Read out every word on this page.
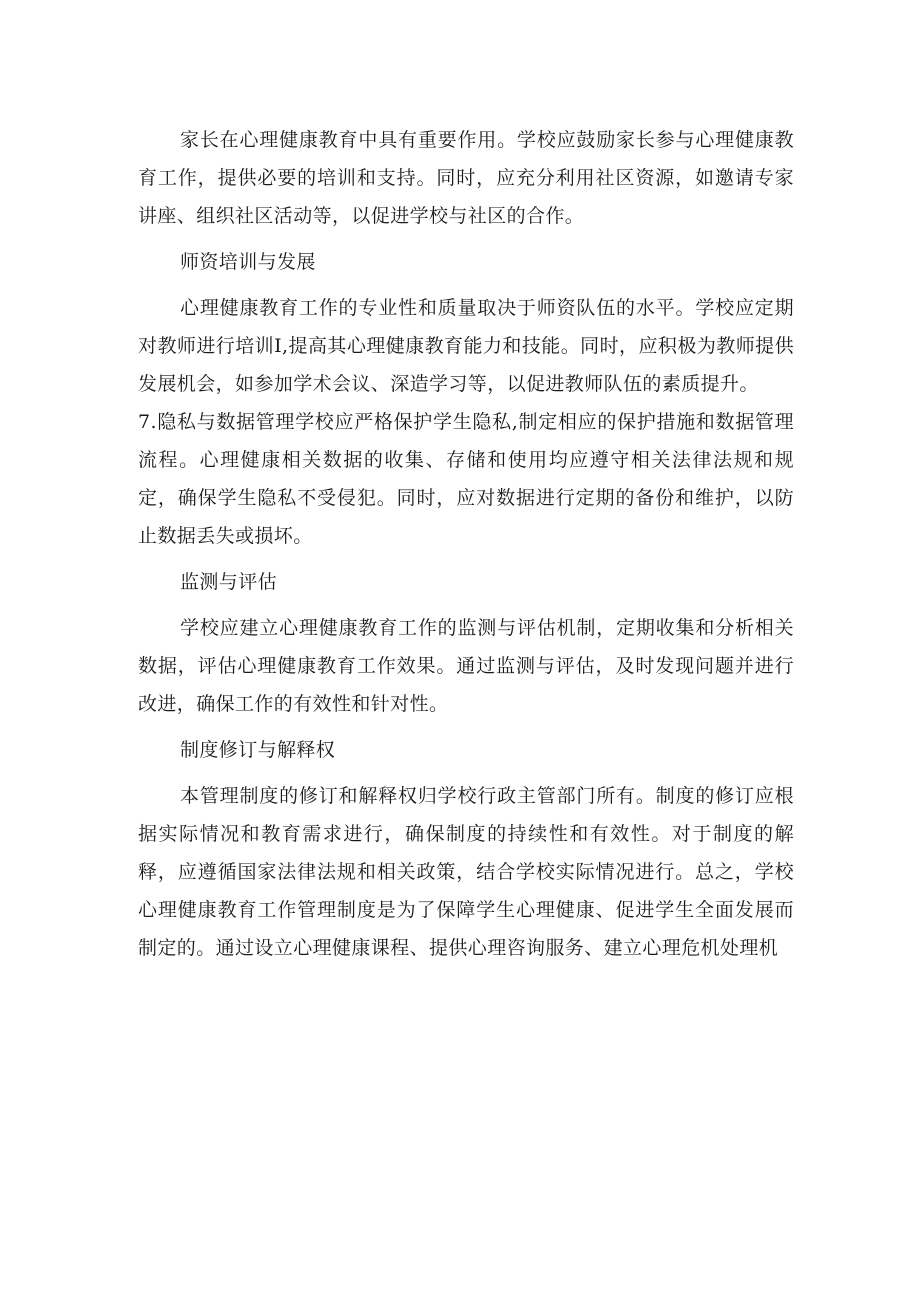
家长在心理健康教育中具有重要作用。学校应鼓励家长参与心理健康教育工作，提供必要的培训和支持。同时，应充分利用社区资源，如邀请专家讲座、组织社区活动等，以促进学校与社区的合作。

师资培训与发展

心理健康教育工作的专业性和质量取决于师资队伍的水平。学校应定期对教师进行培训I,提高其心理健康教育能力和技能。同时，应积极为教师提供发展机会，如参加学术会议、深造学习等，以促进教师队伍的素质提升。

7.隐私与数据管理学校应严格保护学生隐私,制定相应的保护措施和数据管理流程。心理健康相关数据的收集、存储和使用均应遵守相关法律法规和规定，确保学生隐私不受侵犯。同时，应对数据进行定期的备份和维护，以防止数据丢失或损坏。

监测与评估

学校应建立心理健康教育工作的监测与评估机制，定期收集和分析相关数据，评估心理健康教育工作效果。通过监测与评估，及时发现问题并进行改进，确保工作的有效性和针对性。

制度修订与解释权

本管理制度的修订和解释权归学校行政主管部门所有。制度的修订应根据实际情况和教育需求进行，确保制度的持续性和有效性。对于制度的解释，应遵循国家法律法规和相关政策，结合学校实际情况进行。总之，学校心理健康教育工作管理制度是为了保障学生心理健康、促进学生全面发展而制定的。通过设立心理健康课程、提供心理咨询服务、建立心理危机处理机
